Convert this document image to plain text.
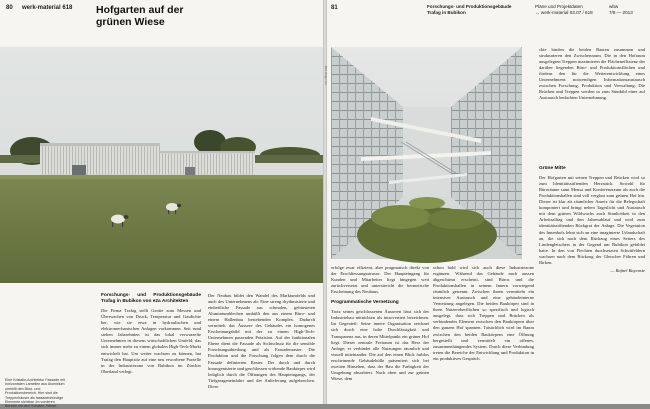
80 werk-material 618 Hofgarten auf der
grünen Wiese
Eine Kristallo-Architektur Fassade mit horizontalen Lamellen aus Aluminium umhüllt den Büro- und Produktionsbereich. Hier sind die Treppenhäuser als fassadenbündige Elemente sichtbar. Im vorderen Bereich mit den Schafen: Wiese.
Forschungs- und Produktionsgebäude Trafag in Bubikon von e2a Architekten

Die Firma Trafag stellt Geräte zum Messen und Überwachen von Druck, Temperatur und Gasdichte her, wie sie etwa in hydraulischen und elektromechanischen Anlagen vorkommen. Seit rund sieben Jahrzehnten ist das lokal verwurzelte Unternehmen in diesem wirtschaftlichen Umfeld, das sich immer mehr zu einem globalen High-Tech-Markt entwickelt hat. Um weiter wachsen zu können, hat Trafag den Hauptsitz auf eine neu erworbene Parzelle in der Industriezone von Bubikon im Zürcher Oberland verlegt.

Der Neubau bildet den Wandel des Marktumfelds und auch des Unternehmens ab: Eine streng rhythmisierte und einheitliche Fassade aus schmalen, gebürsteten Aluminiumblechen umhüllt den aus einem Büro- und einem Hallenbau bestehenden Komplex. Dadurch vermittelt das Äussere des Gebäudes ein homogenes Erscheinungsbild mit der zu einem High-Tech-Unternehmen passenden Präzision. Auf der funktionalen Ebene dient die Fassade als Sichtschutz für die sensible Forschungsabteilung und als Fassadenraster. Die Produktion und die Forschung folgen dem durch die Fassade definierten Raster. Der durch und durch homogenisierte und geschlossen wirkende Baukörper wird lediglich durch die Öffnungen des Haupteingangs, der Tiefgarageneinfahrt und der Anlieferung aufgebrochen. Diese

81	Forschungs- und Produktionsgebäude
Trafag in Bubikon
Pläne und Projektdaten
→ werk-material 03.07 / 618
wbw
7/8 — 2013
Bild: Roger Frei

ckte binden die beiden Bauten zusammen und strukturieren den Zwischenraum. Die in den Hofraum ausgelegten Treppen maximieren die Flächeneffizienz der darüber liegenden Büro- und Produktionsflächen und fördern den für die Weiterentwicklung eines Unternehmens notwendigen Informationsaustausch zwischen Forschung, Produktion und Verwaltung. Die Brücken und Treppen werden so zum Sinnbild einer auf Austausch bedachten Unternehmung.

Grüne Mitte

Der Hofgarten mit seinen Treppen und Brücken wird so zum Identitätsstiftenden Herzstück. Sowohl für Büroräume samt Mensa und Konferenzraum als auch die Produktionshallen sind voll verglast zum grünen Hof hin. Dieser ist klar als räumlicher Anreiz für die Belegschaft komponiert und bringt neben Tageslicht und Austausch mit dem grünen Wildwuchs auch Sinnlichkeit in den Arbeitsalltag und den Jahresablauf und wird zum identitätsstiftenden Rückgrat der Anlage. Die Vegetation des Innenhofs lehnt sich an eine imaginierte Urlandschaft an, die sich nach dem Rückzug eines Seiters des Lindengletschers in der Gegend um Bubikon gebildet hatte. In den von Flechten durchsetzten Schuttfeldern wachsen nach dem Rückzug der Gletscher Föhren und Birken.

— Rafael Bayenste

erfolge zwar effizient, aber pragmatisch direkt von der Erschliessungsstrasse. Der Haupteingang für Kunden und Mitarbeiter liegt hingegen weit zurückversetzt und unterstreicht die hermetische Erscheinung des Neubaus.

Programmatische Vernetzung

Trotz seines geschlossenen Äusseren lässt sich der Industriebau mitnichten als introvertiert bezeichnen. Im Gegenteil: Seine innere Organisation zeichnet sich durch eine hohe Durchlässigkeit und Transparenz aus, in deren Mittelpunkt ein grüner Hof liegt. Dieser zentrale Freiraum ist das Herz der Anlage; er verbindet alle Nutzungen räumlich und visuell miteinander. Die auf den einen Blick farblos erscheinende Gebäudehülle präsentiert sich bei zweiten Hinsehen, dass der Bau die Farbigkeit der Umgebung absorbiert. Nach oben und zur grünen Wiese, dem

schon bald wird sich auch diese Industriezone ergänzen. Während das Gebäude nach aussen abgeschirmt erscheint, sind Büros und die Produktionshallen in seinem Innern vorwiegend räumlich getrennt. Zwischen ihnen vermitteln ein intensiver Austausch und eine gebäudeinterne Vernetzung angelegen. Die beiden Baukörper sind in ihren Nutzeroberflächen so spezifisch und logisch ausgelegt, dass sich Treppen und Brücken als verbindendes Element zwischen den Baukörpern über den ganzen Hof spannen. Tatsächlich wird im Raum zwischen den beiden Baukörpern eine Öffnung hergestellt und vermittelt ein offenes, zusammenhängendes System. Durch diese Verbindung treten die Bereiche der Entwicklung und Produktion in ein produktives Gespräch.
